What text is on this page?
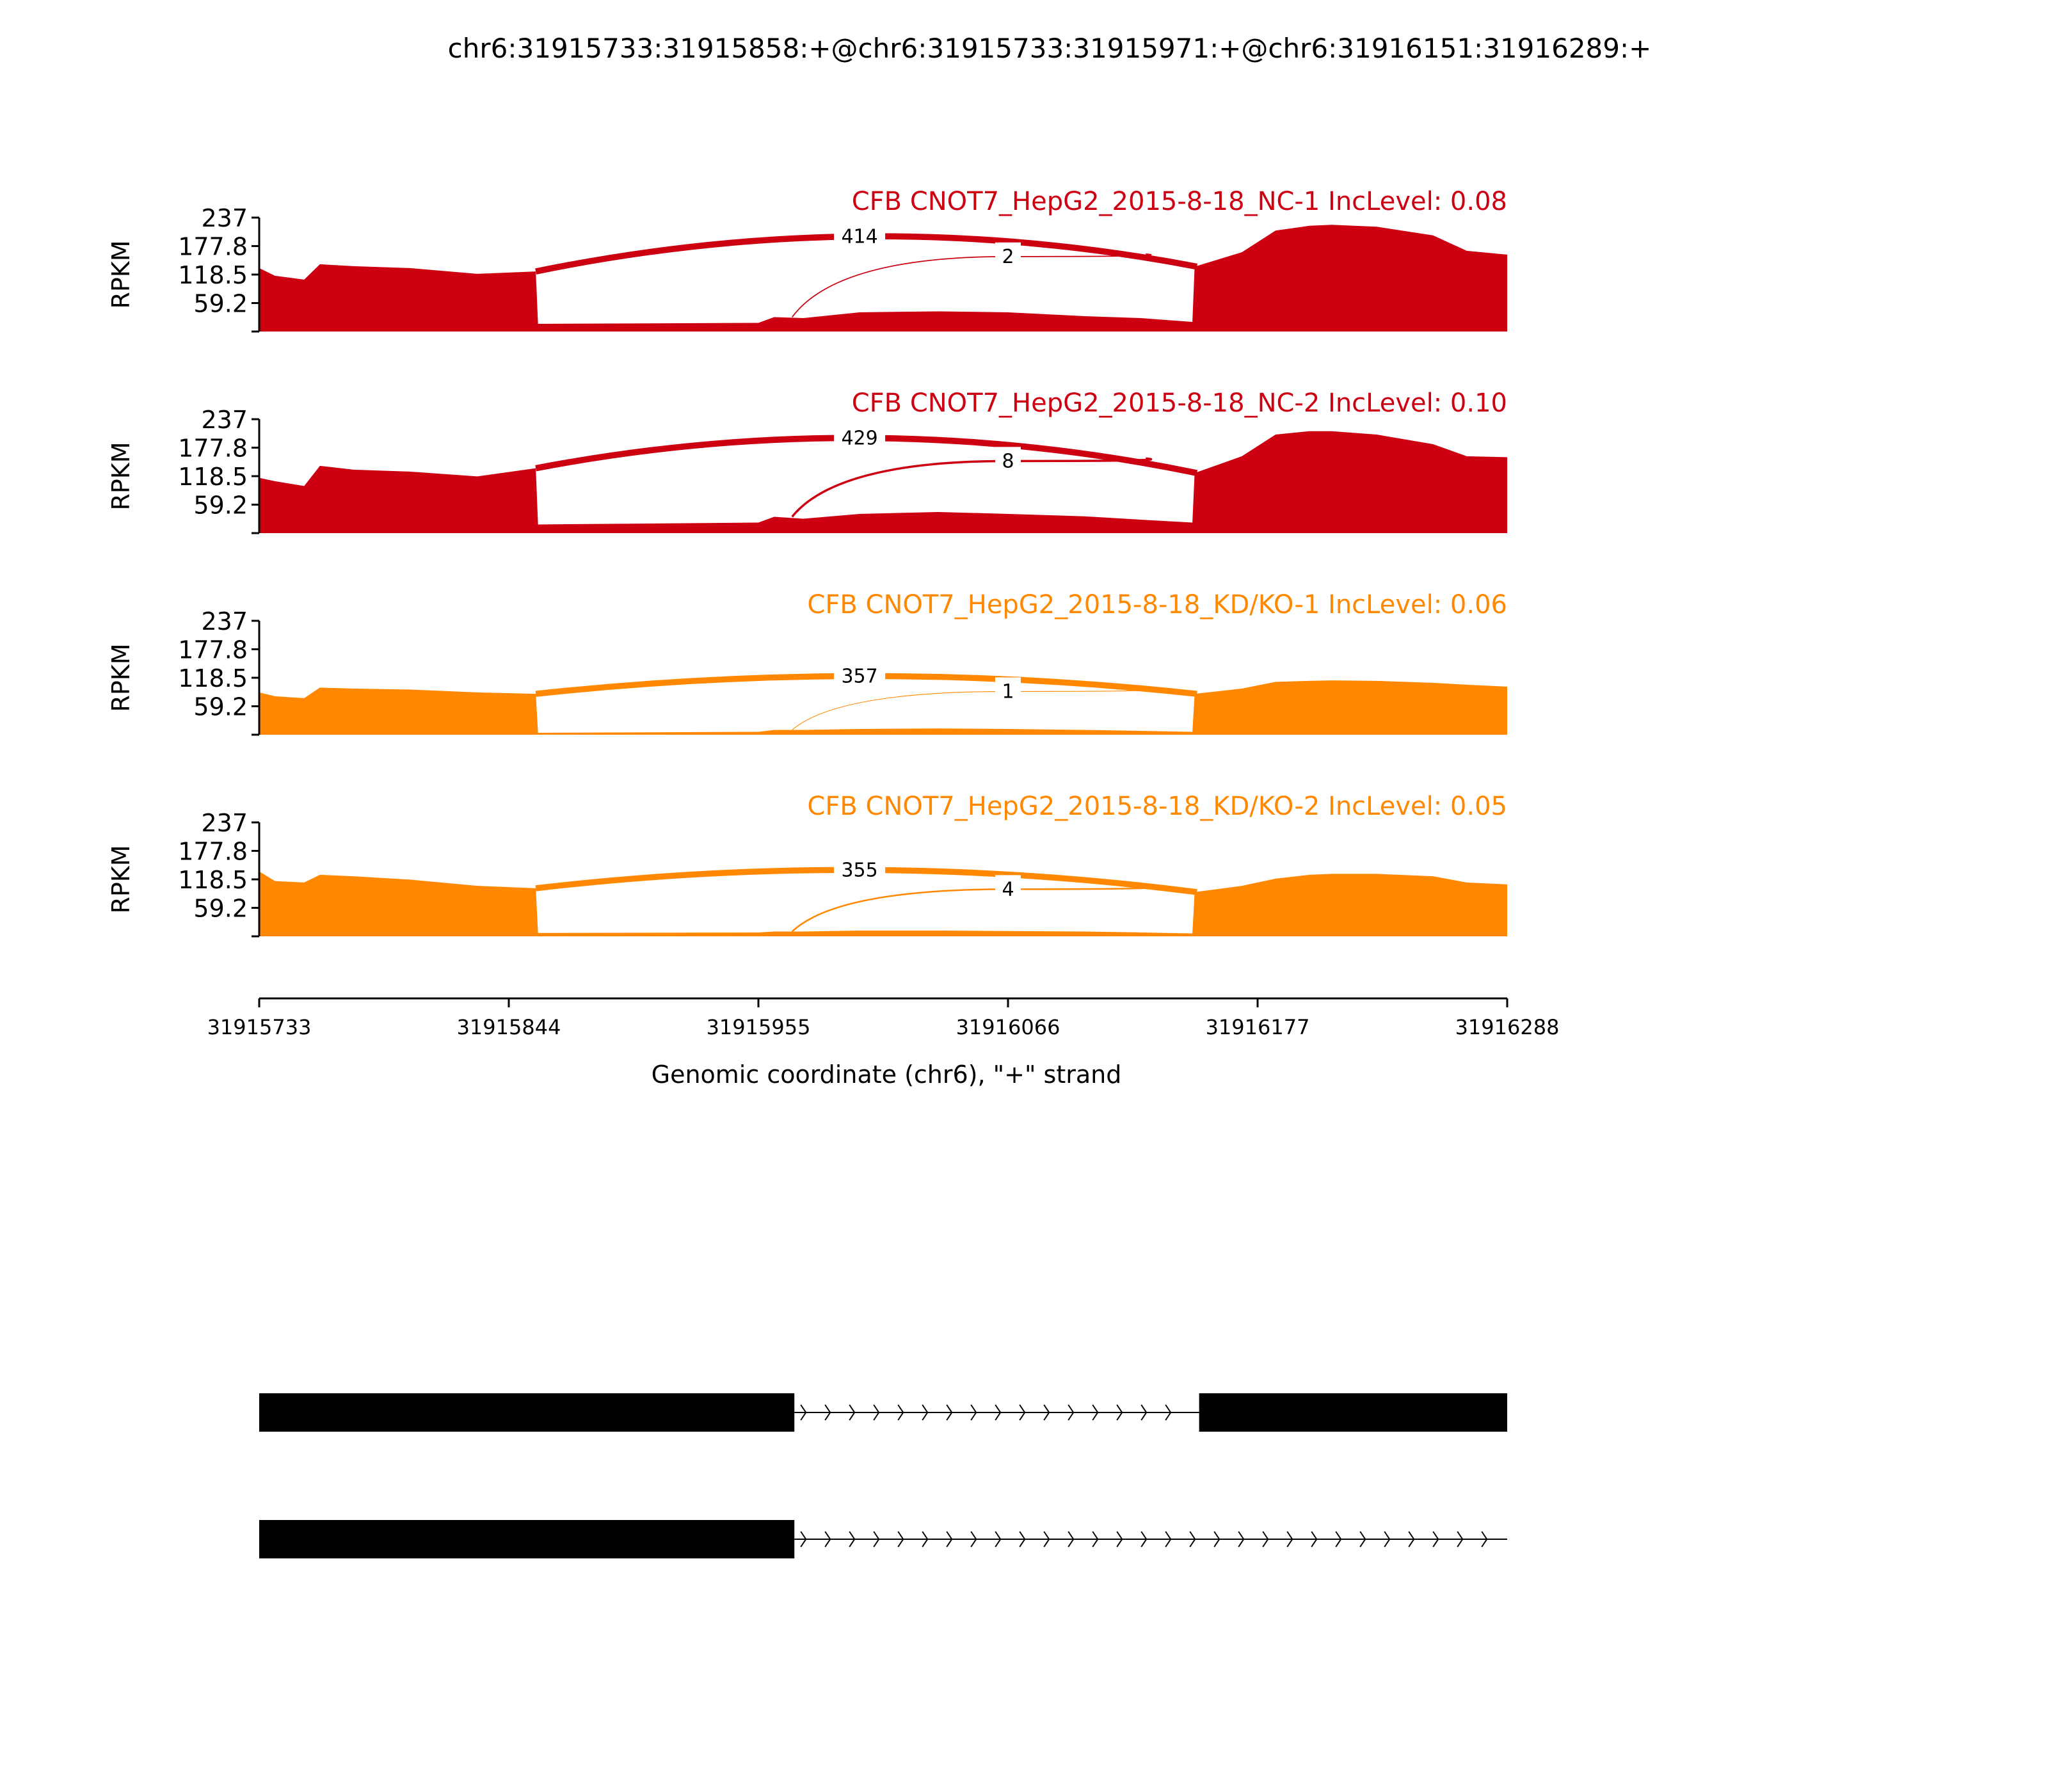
chr6:31915733:31915858:+@chr6:31915733:31915971:+@chr6:31916151:31916289:+
237
177.8
118.5
59.2
RPKM
414
2
CFB CNOT7_HepG2_2015-8-18_NC-1 IncLevel: 0.08
237
177.8
118.5
59.2
RPKM
429
8
CFB CNOT7_HepG2_2015-8-18_NC-2 IncLevel: 0.10
237
177.8
118.5
59.2
RPKM	357
1
CFB CNOT7_HepG2_2015-8-18_KD/KO-1 IncLevel: 0.06
237
177.8
118.5
59.2
RPKM	355
4
CFB CNOT7_HepG2_2015-8-18_KD/KO-2 IncLevel: 0.05
31915733	31915844	31915955	31916066	31916177	31916288
Genomic coordinate (chr6), "+" strand
